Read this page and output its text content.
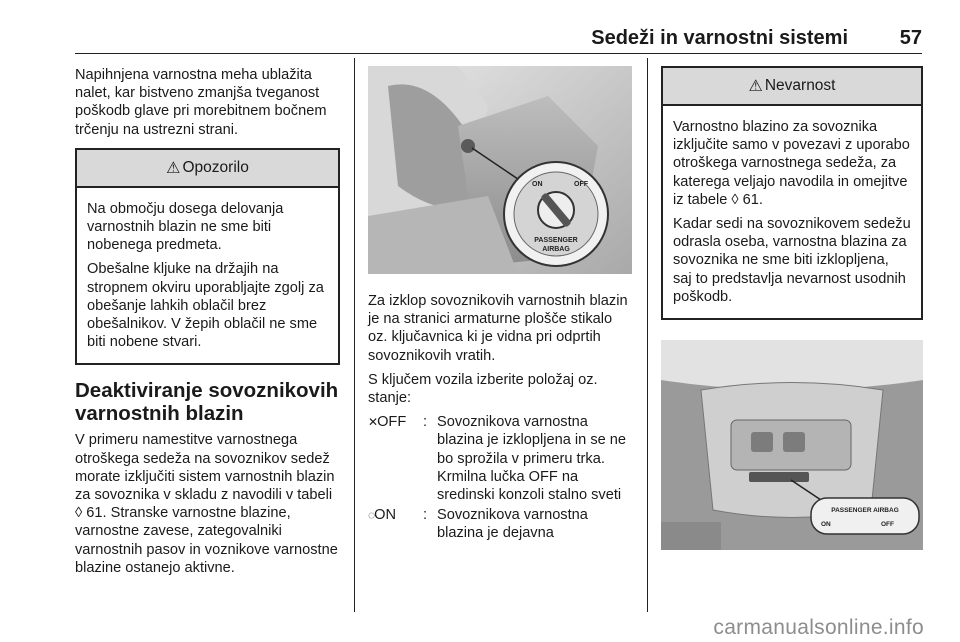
Sedeži in varnostni sistemi	57

Napihnjena varnostna meha ublažita nalet, kar bistveno zmanjša tveganost poškodb glave pri morebitnem bočnem trčenju na ustrezni strani.

⚠ Opozorilo

Na območju dosega delovanja varnostnih blazin ne sme biti nobenega predmeta.

Obešalne kljuke na držajih na stropnem okviru uporabljajte zgolj za obešanje lahkih oblačil brez obešalnikov. V žepih oblačil ne sme biti nobene stvari.

Deaktiviranje sovoznikovih varnostnih blazin

V primeru namestitve varnostnega otroškega sedeža na sovoznikov sedež morate izključiti sistem varnostnih blazin za sovoznika v skladu z navodili v tabeli ◊ 61. Stranske varnostne blazine, varnostne zavese, zategovalniki varnostnih pasov in voznikove varnostne blazine ostanejo aktivne.

ON	OFF
PASSENGER
AIRBAG

Za izklop sovoznikovih varnostnih blazin je na stranici armaturne plošče stikalo oz. ključavnica ki je vidna pri odprtih sovoznikovih vratih.

S ključem vozila izberite položaj oz. stanje:

✕OFF	: Sovoznikova varnostna blazina je izklopljena in se ne bo sprožila v primeru trka. Krmilna lučka OFF na sredinski konzoli stalno sveti
◌ON	: Sovoznikova varnostna blazina je dejavna
⚠ Nevarnost

Varnostno blazino za sovoznika izključite samo v povezavi z uporabo otroškega varnostnega sedeža, za katerega veljajo navodila in omejitve iz tabele ◊ 61.

Kadar sedi na sovoznikovem sedežu odrasla oseba, varnostna blazina za sovoznika ne sme biti izklopljena, saj to predstavlja nevarnost usodnih poškodb.

PASSENGER AIRBAG
ON	OFF
carmanualsonline.info
